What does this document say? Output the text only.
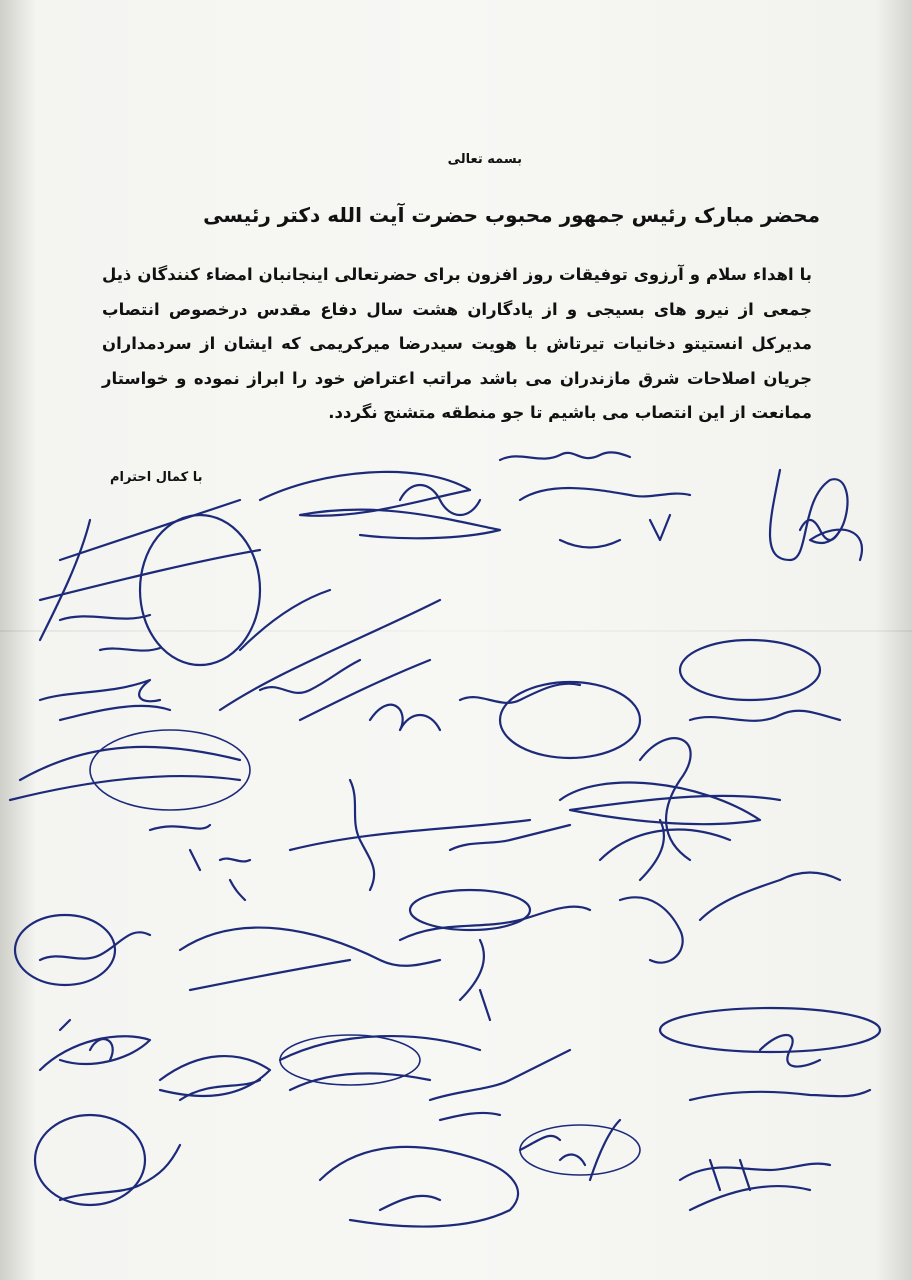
بسمه تعالی
محضر مبارک رئیس جمهور محبوب حضرت آیت الله دکتر رئیسی
با اهداء سلام و آرزوی توفیقات روز افزون برای حضرتعالی اینجانبان امضاء کنندگان ذیل جمعی از نیرو های بسیجی و از یادگاران هشت سال دفاع مقدس درخصوص انتصاب مدیرکل انستیتو دخانیات تیرتاش با هویت سیدرضا میرکریمی که ایشان از سردمداران جریان اصلاحات شرق مازندران می باشد مراتب اعتراض خود را ابراز نموده و خواستار ممانعت از این انتصاب می باشیم تا جو منطقه متشنج نگردد.
با کمال احترام
